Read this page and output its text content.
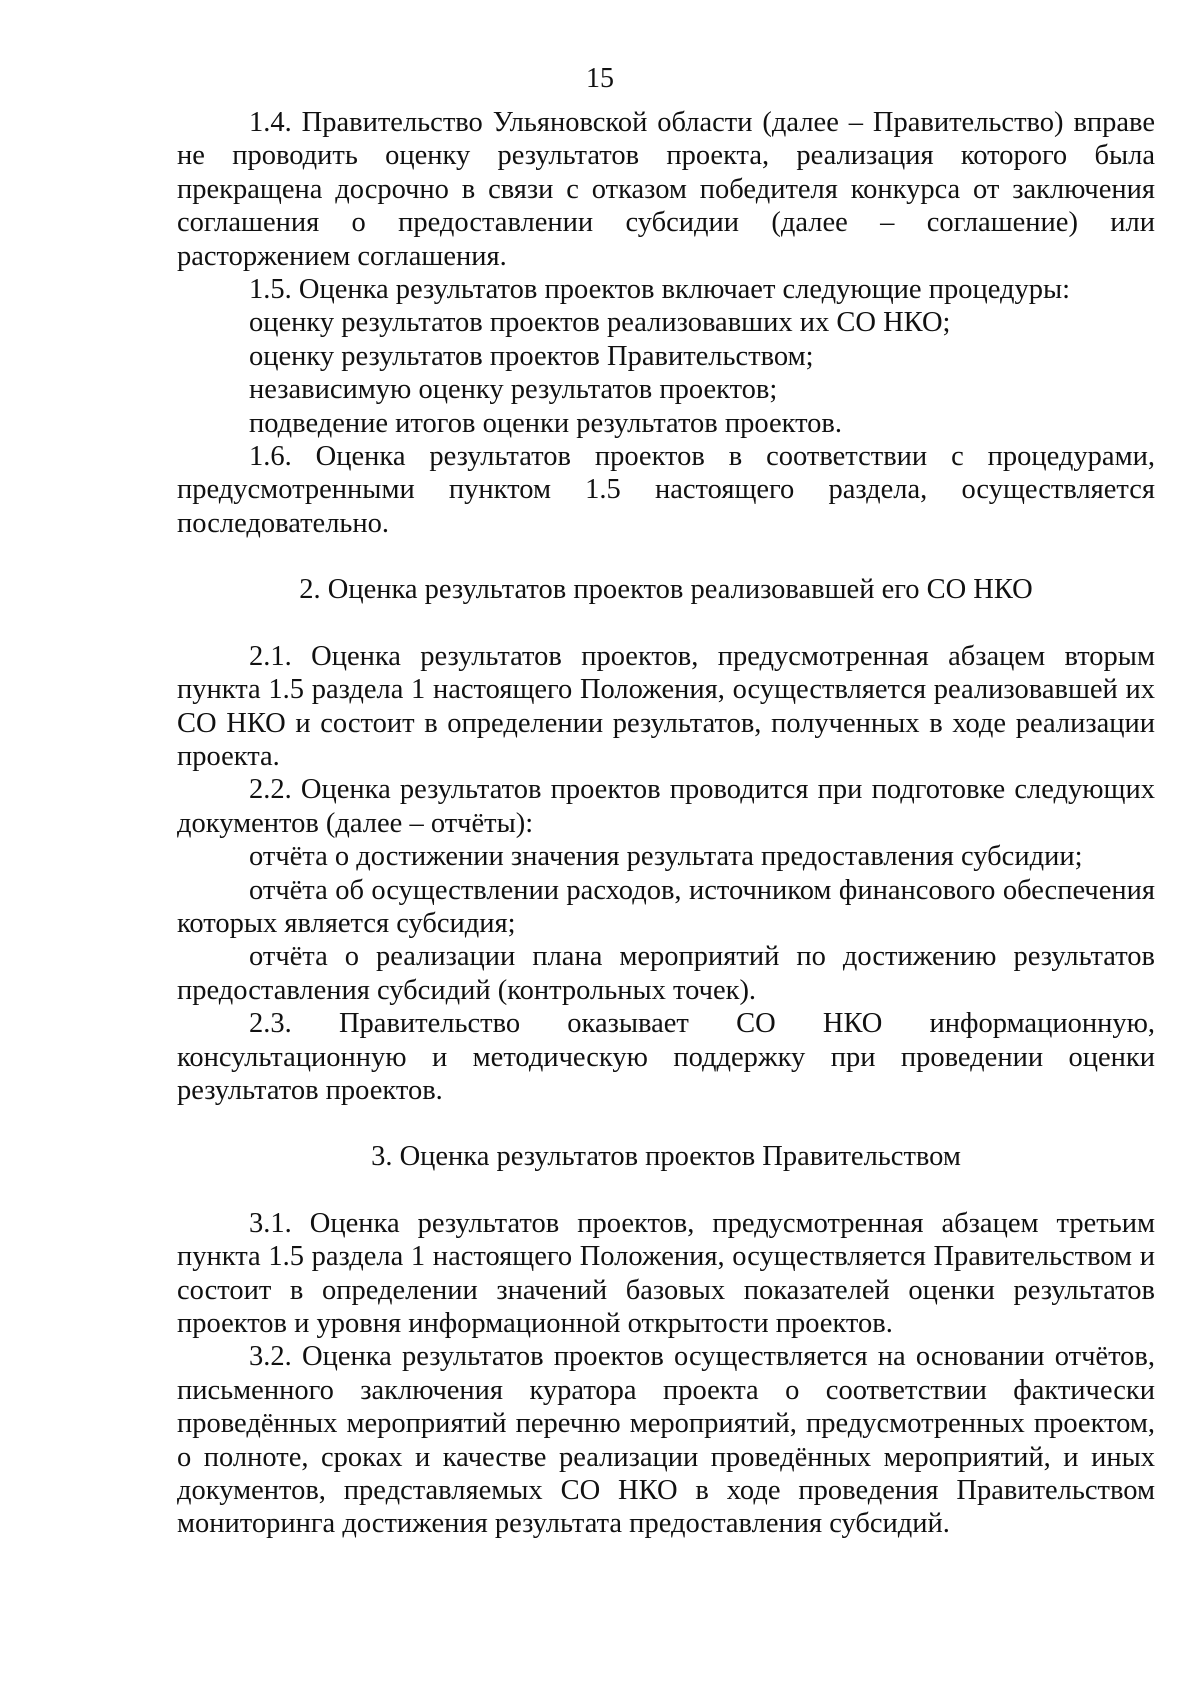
15

1.4. Правительство Ульяновской области (далее – Правительство) вправе не проводить оценку результатов проекта, реализация которого была прекращена досрочно в связи с отказом победителя конкурса от заключения соглашения о предоставлении субсидии (далее – соглашение) или расторжением соглашения.

1.5. Оценка результатов проектов включает следующие процедуры:

оценку результатов проектов реализовавших их СО НКО;

оценку результатов проектов Правительством;

независимую оценку результатов проектов;

подведение итогов оценки результатов проектов.

1.6. Оценка результатов проектов в соответствии с процедурами, предусмотренными пунктом 1.5 настоящего раздела, осуществляется последовательно.

2. Оценка результатов проектов реализовавшей его СО НКО

2.1. Оценка результатов проектов, предусмотренная абзацем вторым пункта 1.5 раздела 1 настоящего Положения, осуществляется реализовавшей их СО НКО и состоит в определении результатов, полученных в ходе реализации проекта.

2.2. Оценка результатов проектов проводится при подготовке следующих документов (далее – отчёты):

отчёта о достижении значения результата предоставления субсидии;

отчёта об осуществлении расходов, источником финансового обеспечения которых является субсидия;

отчёта о реализации плана мероприятий по достижению результатов предоставления субсидий (контрольных точек).

2.3. Правительство оказывает СО НКО информационную, консультационную и методическую поддержку при проведении оценки результатов проектов.

3. Оценка результатов проектов Правительством

3.1. Оценка результатов проектов, предусмотренная абзацем третьим пункта 1.5 раздела 1 настоящего Положения, осуществляется Правительством и состоит в определении значений базовых показателей оценки результатов проектов и уровня информационной открытости проектов.

3.2. Оценка результатов проектов осуществляется на основании отчётов, письменного заключения куратора проекта о соответствии фактически проведённых мероприятий перечню мероприятий, предусмотренных проектом, о полноте, сроках и качестве реализации проведённых мероприятий, и иных документов, представляемых СО НКО в ходе проведения Правительством мониторинга достижения результата предоставления субсидий.
